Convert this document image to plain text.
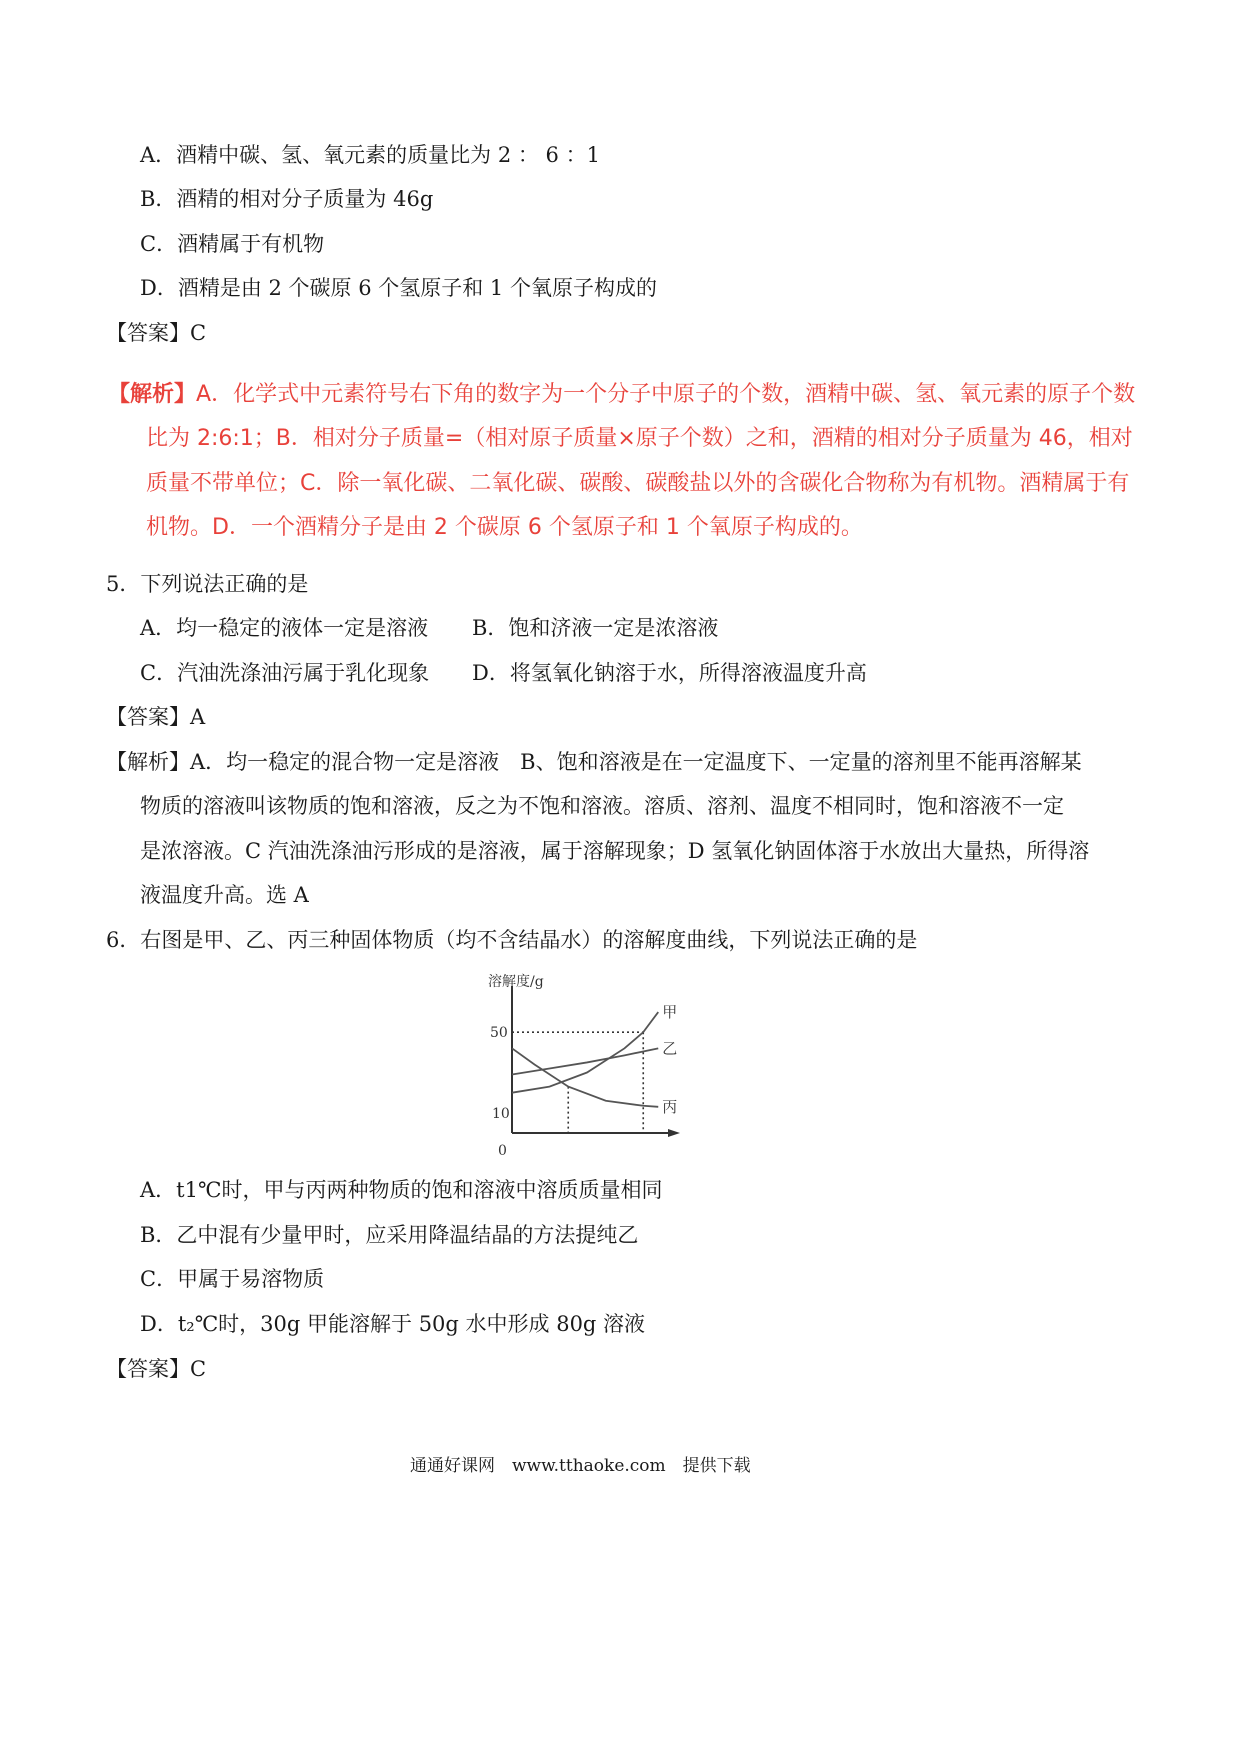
A．酒精中碳、氢、氧元素的质量比为 2 ： 6 ：1
B．酒精的相对分子质量为 46g
C．酒精属于有机物
D．酒精是由 2 个碳原 6 个氢原子和 1 个氧原子构成的
【答案】C
【解析】A．化学式中元素符号右下角的数字为一个分子中原子的个数，酒精中碳、氢、氧元素的原子个数
比为 2:6:1；B．相对分子质量=（相对原子质量×原子个数）之和，酒精的相对分子质量为 46，相对
质量不带单位；C．除一氧化碳、二氧化碳、碳酸、碳酸盐以外的含碳化合物称为有机物。酒精属于有
机物。D．一个酒精分子是由 2 个碳原 6 个氢原子和 1 个氧原子构成的。
5．下列说法正确的是
A．均一稳定的液体一定是溶液 B．饱和济液一定是浓溶液
C．汽油洗涤油污属于乳化现象 D．将氢氧化钠溶于水，所得溶液温度升高
【答案】A
【解析】A．均一稳定的混合物一定是溶液　B、饱和溶液是在一定温度下、一定量的溶剂里不能再溶解某
物质的溶液叫该物质的饱和溶液，反之为不饱和溶液。溶质、溶剂、温度不相同时，饱和溶液不一定
是浓溶液。C 汽油洗涤油污形成的是溶液，属于溶解现象；D 氢氧化钠固体溶于水放出大量热，所得溶
液温度升高。选 A
6．右图是甲、乙、丙三种固体物质（均不含结晶水）的溶解度曲线，下列说法正确的是
溶解度/g
50
10
0
甲
乙
丙
A．t1℃时，甲与丙两种物质的饱和溶液中溶质质量相同
B．乙中混有少量甲时，应采用降温结晶的方法提纯乙
C．甲属于易溶物质
D．t₂℃时，30g 甲能溶解于 50g 水中形成 80g 溶液
【答案】C
通通好课网　www.tthaoke.com　提供下载
